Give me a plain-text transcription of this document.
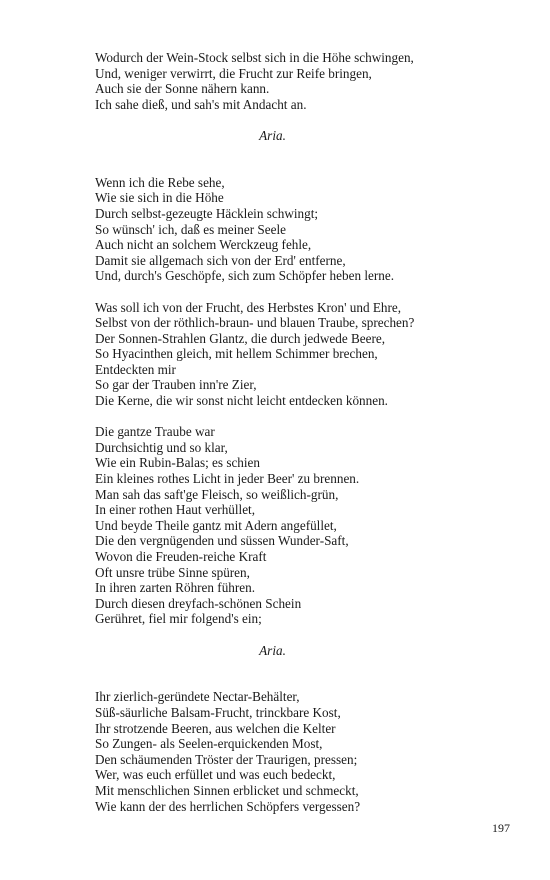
Wodurch der Wein-Stock selbst sich in die Höhe schwingen,
Und, weniger verwirrt, die Frucht zur Reife bringen,
Auch sie der Sonne nähern kann.
Ich sahe dieß, und sah's mit Andacht an.
Aria.
Wenn ich die Rebe sehe,
Wie sie sich in die Höhe
Durch selbst-gezeugte Häcklein schwingt;
So wünsch' ich, daß es meiner Seele
Auch nicht an solchem Werckzeug fehle,
Damit sie allgemach sich von der Erd' entferne,
Und, durch's Geschöpfe, sich zum Schöpfer heben lerne.
Was soll ich von der Frucht, des Herbstes Kron' und Ehre,
Selbst von der röthlich-braun- und blauen Traube, sprechen?
Der Sonnen-Strahlen Glantz, die durch jedwede Beere,
So Hyacinthen gleich, mit hellem Schimmer brechen,
Entdeckten mir
So gar der Trauben inn're Zier,
Die Kerne, die wir sonst nicht leicht entdecken können.
Die gantze Traube war
Durchsichtig und so klar,
Wie ein Rubin-Balas; es schien
Ein kleines rothes Licht in jeder Beer' zu brennen.
Man sah das saft'ge Fleisch, so weißlich-grün,
In einer rothen Haut verhüllet,
Und beyde Theile gantz mit Adern angefüllet,
Die den vergnügenden und süssen Wunder-Saft,
Wovon die Freuden-reiche Kraft
Oft unsre trübe Sinne spüren,
In ihren zarten Röhren führen.
Durch diesen dreyfach-schönen Schein
Gerühret, fiel mir folgend's ein;
Aria.
Ihr zierlich-geründete Nectar-Behälter,
Süß-säurliche Balsam-Frucht, trinckbare Kost,
Ihr strotzende Beeren, aus welchen die Kelter
So Zungen- als Seelen-erquickenden Most,
Den schäumenden Tröster der Traurigen, pressen;
Wer, was euch erfüllet und was euch bedeckt,
Mit menschlichen Sinnen erblicket und schmeckt,
Wie kann der des herrlichen Schöpfers vergessen?
197
